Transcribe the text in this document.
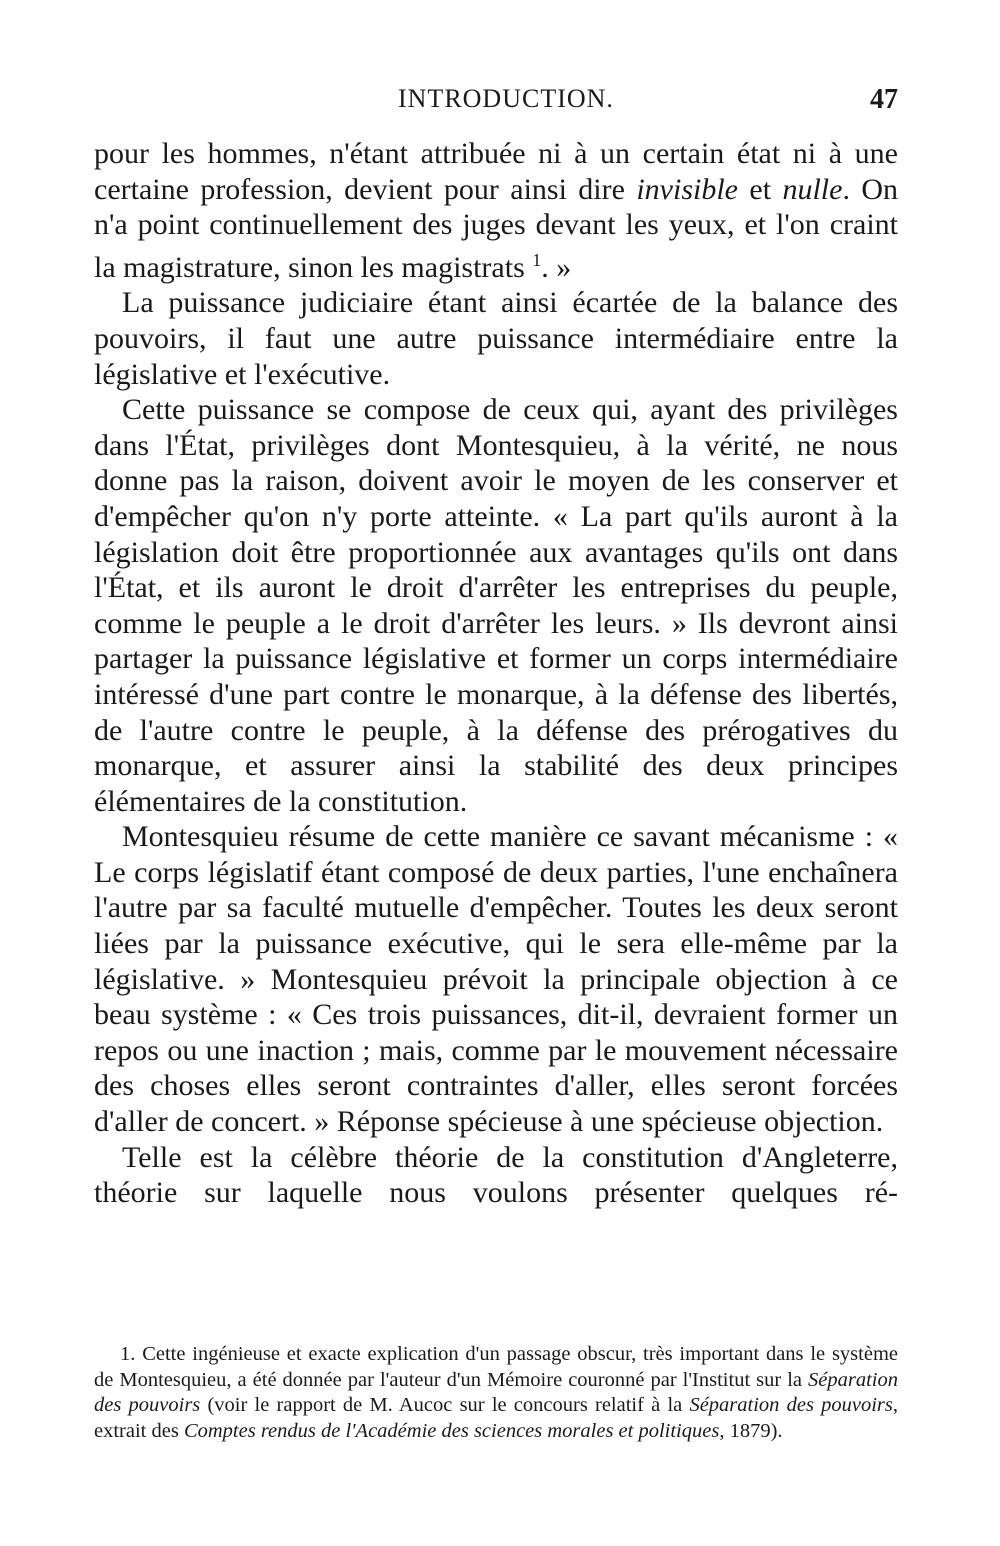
INTRODUCTION.	47

pour les hommes, n'étant attribuée ni à un certain état ni à une certaine profession, devient pour ainsi dire invisible et nulle. On n'a point continuellement des juges devant les yeux, et l'on craint la magistrature, sinon les magistrats $^1$. »

La puissance judiciaire étant ainsi écartée de la balance des pouvoirs, il faut une autre puissance intermédiaire entre la législative et l'exécutive.

Cette puissance se compose de ceux qui, ayant des privilèges dans l'État, privilèges dont Montesquieu, à la vérité, ne nous donne pas la raison, doivent avoir le moyen de les conserver et d'empêcher qu'on n'y porte atteinte. « La part qu'ils auront à la législation doit être proportionnée aux avantages qu'ils ont dans l'État, et ils auront le droit d'arrêter les entreprises du peuple, comme le peuple a le droit d'arrêter les leurs. » Ils devront ainsi partager la puissance législative et former un corps intermédiaire intéressé d'une part contre le monarque, à la défense des libertés, de l'autre contre le peuple, à la défense des prérogatives du monarque, et assurer ainsi la stabilité des deux principes élémentaires de la constitution.

Montesquieu résume de cette manière ce savant mécanisme : « Le corps législatif étant composé de deux parties, l'une enchaînera l'autre par sa faculté mutuelle d'empêcher. Toutes les deux seront liées par la puissance exécutive, qui le sera elle-même par la législative. » Montesquieu prévoit la principale objection à ce beau système : « Ces trois puissances, dit-il, devraient former un repos ou une inaction ; mais, comme par le mouvement nécessaire des choses elles seront contraintes d'aller, elles seront forcées d'aller de concert. » Réponse spécieuse à une spécieuse objection.

Telle est la célèbre théorie de la constitution d'Angleterre, théorie sur laquelle nous voulons présenter quelques ré-

1. Cette ingénieuse et exacte explication d'un passage obscur, très important dans le système de Montesquieu, a été donnée par l'auteur d'un Mémoire couronné par l'Institut sur la Séparation des pouvoirs (voir le rapport de M. Aucoc sur le concours relatif à la Séparation des pouvoirs, extrait des Comptes rendus de l'Académie des sciences morales et politiques, 1879).
